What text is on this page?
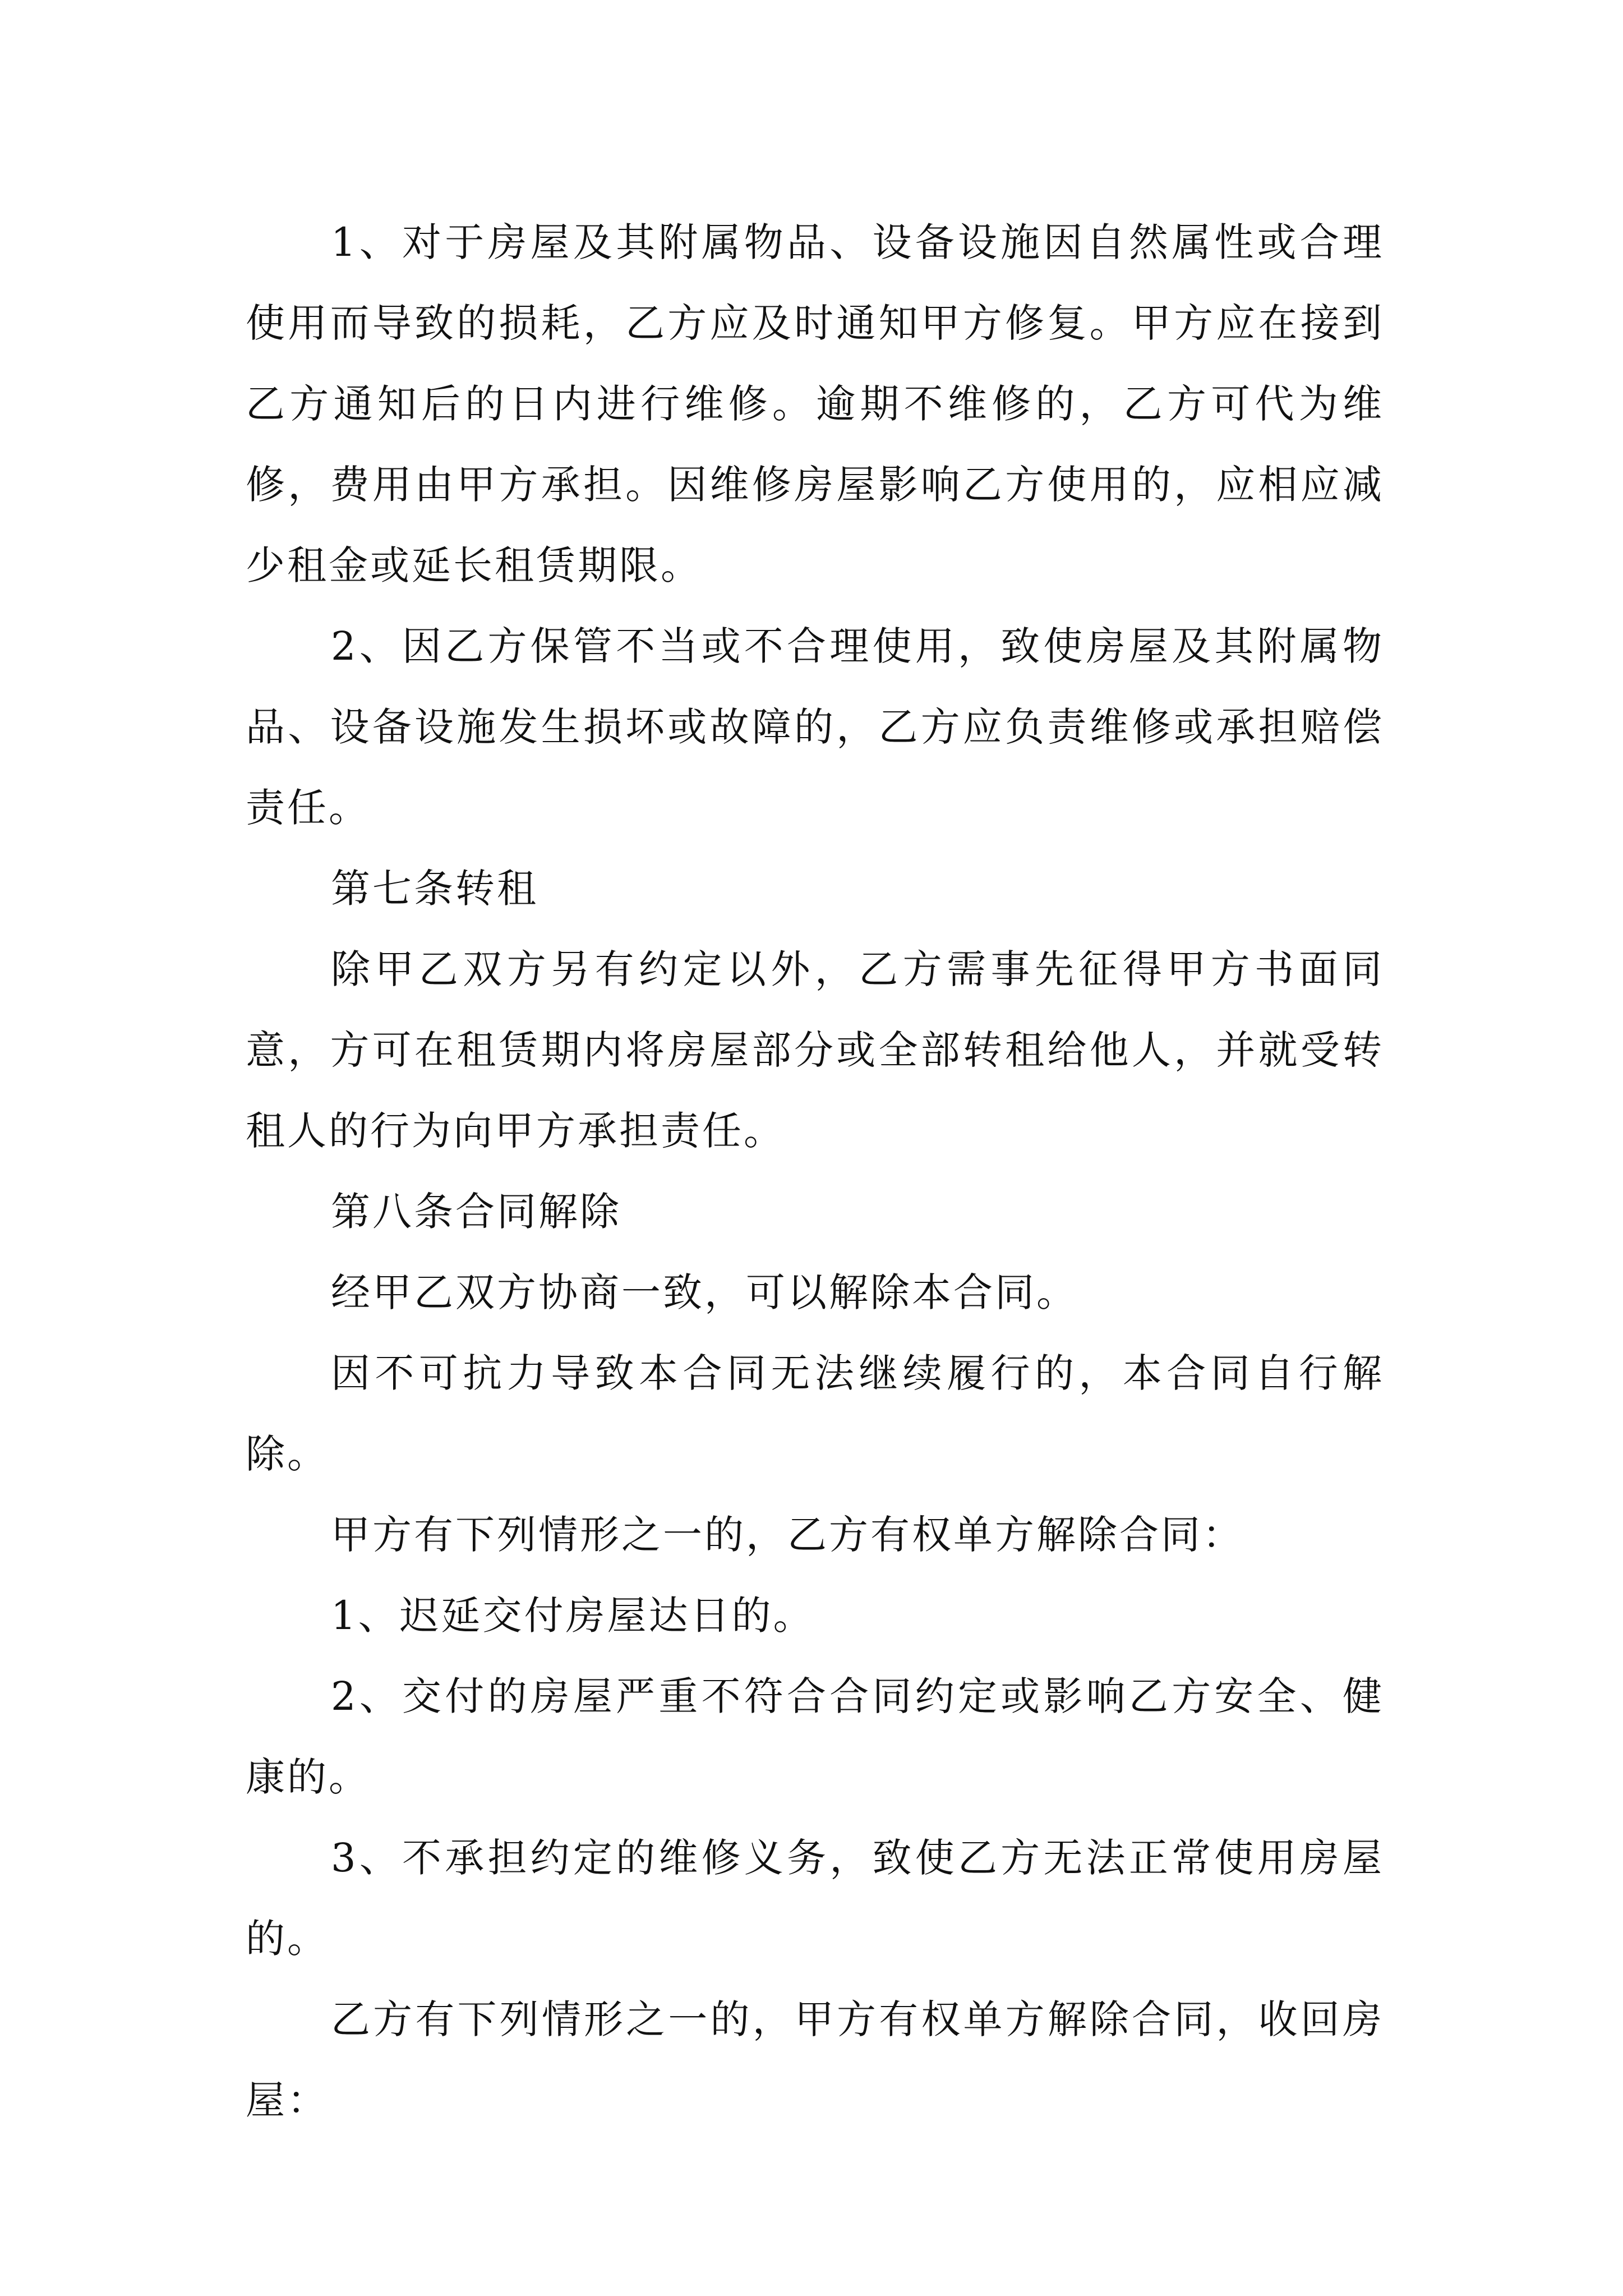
1、对于房屋及其附属物品、设备设施因自然属性或合理使用而导致的损耗，乙方应及时通知甲方修复。甲方应在接到乙方通知后的日内进行维修。逾期不维修的，乙方可代为维修，费用由甲方承担。因维修房屋影响乙方使用的，应相应减少租金或延长租赁期限。

2、因乙方保管不当或不合理使用，致使房屋及其附属物品、设备设施发生损坏或故障的，乙方应负责维修或承担赔偿责任。

第七条转租

除甲乙双方另有约定以外，乙方需事先征得甲方书面同意，方可在租赁期内将房屋部分或全部转租给他人，并就受转租人的行为向甲方承担责任。

第八条合同解除

经甲乙双方协商一致，可以解除本合同。

因不可抗力导致本合同无法继续履行的，本合同自行解除。

甲方有下列情形之一的，乙方有权单方解除合同：

1、迟延交付房屋达日的。

2、交付的房屋严重不符合合同约定或影响乙方安全、健康的。

3、不承担约定的维修义务，致使乙方无法正常使用房屋的。

乙方有下列情形之一的，甲方有权单方解除合同，收回房屋：
